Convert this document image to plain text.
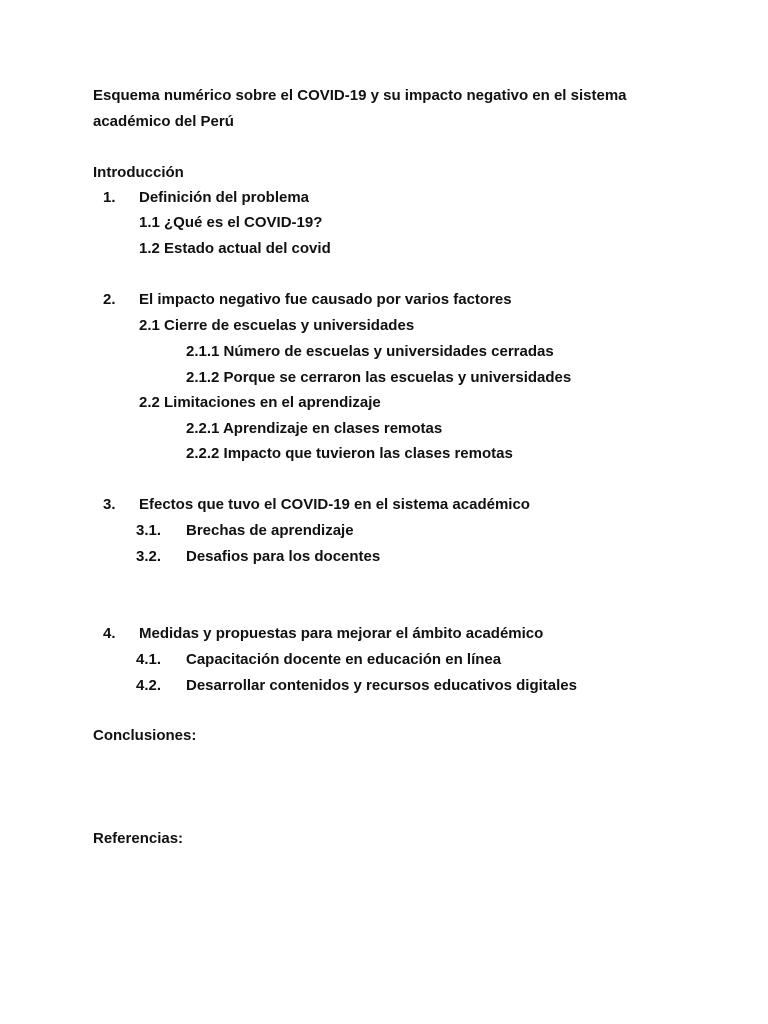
Esquema numérico sobre el COVID-19 y su impacto negativo en el sistema
académico del Perú
Introducción
1. Definición del problema
1.1 ¿Qué es el COVID-19?
1.2 Estado actual del covid
2. El impacto negativo fue causado por varios factores
2.1 Cierre de escuelas y universidades
2.1.1 Número de escuelas y universidades cerradas
2.1.2 Porque se cerraron las escuelas y universidades
2.2 Limitaciones en el aprendizaje
2.2.1 Aprendizaje en clases remotas
2.2.2 Impacto que tuvieron las clases remotas
3. Efectos que tuvo el COVID-19 en el sistema académico
3.1. Brechas de aprendizaje
3.2. Desafios para los docentes
4. Medidas y propuestas para mejorar el ámbito académico
4.1. Capacitación docente en educación en línea
4.2. Desarrollar contenidos y recursos educativos digitales
Conclusiones:
Referencias:
